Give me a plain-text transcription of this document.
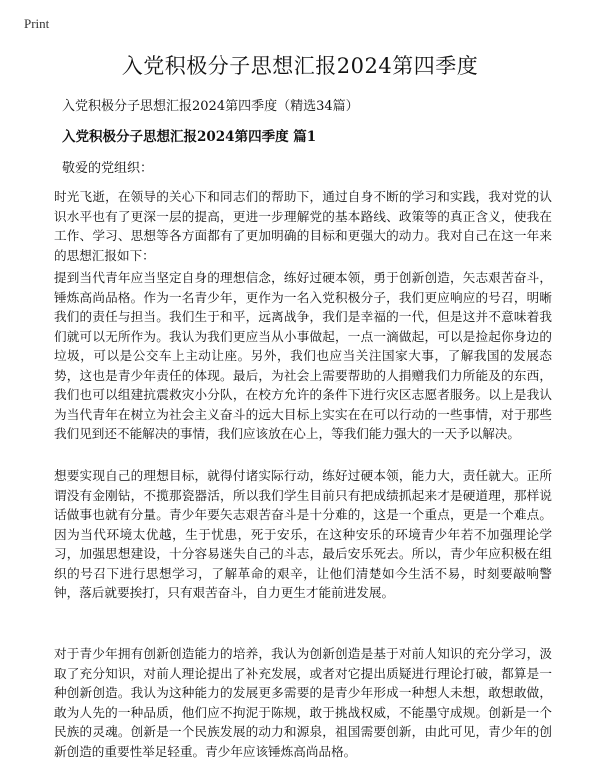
Print
入党积极分子思想汇报2024第四季度

入党积极分子思想汇报2024第四季度（精选34篇）

入党积极分子思想汇报2024第四季度 篇1

敬爱的党组织：

时光飞逝，在领导的关心下和同志们的帮助下，通过自身不断的学习和实践，我对党的认识水平也有了更深一层的提高，更进一步理解党的基本路线、政策等的真正含义，使我在工作、学习、思想等各方面都有了更加明确的目标和更强大的动力。我对自己在这一年来的思想汇报如下：

提到当代青年应当坚定自身的理想信念，练好过硬本领，勇于创新创造，矢志艰苦奋斗，锤炼高尚品格。作为一名青少年，更作为一名入党积极分子，我们更应响应的号召，明晰我们的责任与担当。我们生于和平，远离战争，我们是幸福的一代，但是这并不意味着我们就可以无所作为。我认为我们更应当从小事做起，一点一滴做起，可以是捡起你身边的垃圾，可以是公交车上主动让座。另外，我们也应当关注国家大事，了解我国的发展态势，这也是青少年责任的体现。最后，为社会上需要帮助的人捐赠我们力所能及的东西，我们也可以组建抗震救灾小分队，在校方允许的条件下进行灾区志愿者服务。以上是我认为当代青年在树立为社会主义奋斗的远大目标上实实在在可以行动的一些事情，对于那些我们见到还不能解决的事情，我们应该放在心上，等我们能力强大的一天予以解决。

想要实现自己的理想目标，就得付诸实际行动，练好过硬本领，能力大，责任就大。正所谓没有金刚钻，不揽那瓷器活，所以我们学生目前只有把成绩抓起来才是硬道理，那样说话做事也就有分量。青少年要矢志艰苦奋斗是十分难的，这是一个重点，更是一个难点。因为当代环境太优越，生于忧患，死于安乐，在这种安乐的环境青少年若不加强理论学习，加强思想建设，十分容易迷失自己的斗志，最后安乐死去。所以，青少年应积极在组织的号召下进行思想学习，了解革命的艰辛，让他们清楚如今生活不易，时刻要敲响警钟，落后就要挨打，只有艰苦奋斗，自力更生才能前进发展。

对于青少年拥有创新创造能力的培养，我认为创新创造是基于对前人知识的充分学习，汲取了充分知识，对前人理论提出了补充发展，或者对它提出质疑进行理论打破，都算是一种创新创造。我认为这种能力的发展更多需要的是青少年形成一种想人未想，敢想敢做，敢为人先的一种品质，他们应不拘泥于陈规，敢于挑战权威，不能墨守成规。创新是一个民族的灵魂。创新是一个民族发展的动力和源泉，祖国需要创新，由此可见，青少年的创新创造的重要性举足轻重。青少年应该锤炼高尚品格。
